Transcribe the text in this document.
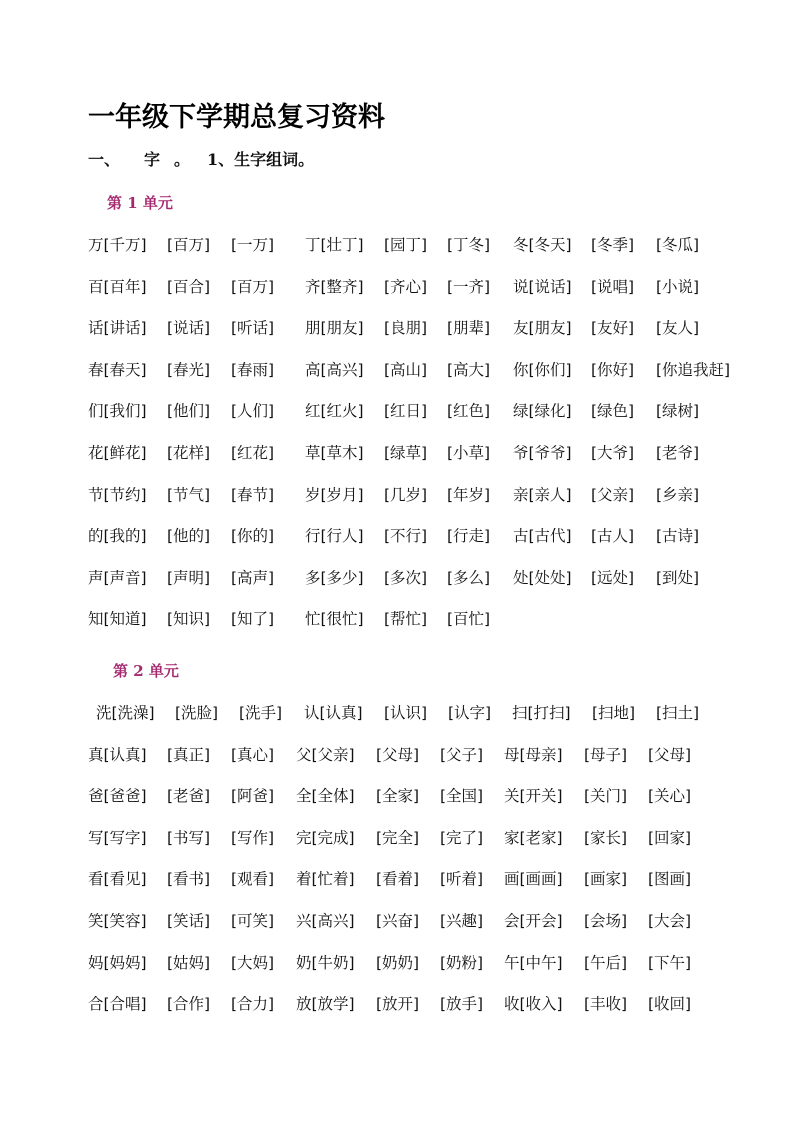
一年级下学期总复习资料
一、 字 。 1、生字组词。
第 1 单元
万[千万] [百万] [一万] 丁[壮丁] [园丁] [丁冬] 冬[冬天] [冬季] [冬瓜]
百[百年] [百合] [百万] 齐[整齐] [齐心] [一齐] 说[说话] [说唱] [小说]
话[讲话] [说话] [听话] 朋[朋友] [良朋] [朋辈] 友[朋友] [友好] [友人]
春[春天] [春光] [春雨] 高[高兴] [高山] [高大] 你[你们] [你好] [你追我赶]
们[我们] [他们] [人们] 红[红火] [红日] [红色] 绿[绿化] [绿色] [绿树]
花[鲜花] [花样] [红花] 草[草木] [绿草] [小草] 爷[爷爷] [大爷] [老爷]
节[节约] [节气] [春节] 岁[岁月] [几岁] [年岁] 亲[亲人] [父亲] [乡亲]
的[我的] [他的] [你的] 行[行人] [不行] [行走] 古[古代] [古人] [古诗]
声[声音] [声明] [高声] 多[多少] [多次] [多么] 处[处处] [远处] [到处]
知[知道] [知识] [知了] 忙[很忙] [帮忙] [百忙]
第 2 单元
洗[洗澡] [洗脸] [洗手] 认[认真] [认识] [认字] 扫[打扫] [扫地] [扫土]
真[认真] [真正] [真心] 父[父亲] [父母] [父子] 母[母亲] [母子] [父母]
爸[爸爸] [老爸] [阿爸] 全[全体] [全家] [全国] 关[开关] [关门] [关心]
写[写字] [书写] [写作] 完[完成] [完全] [完了] 家[老家] [家长] [回家]
看[看见] [看书] [观看] 着[忙着] [看着] [听着] 画[画画] [画家] [图画]
笑[笑容] [笑话] [可笑] 兴[高兴] [兴奋] [兴趣] 会[开会] [会场] [大会]
妈[妈妈] [姑妈] [大妈] 奶[牛奶] [奶奶] [奶粉] 午[中午] [午后] [下午]
合[合唱] [合作] [合力] 放[放学] [放开] [放手] 收[收入] [丰收] [收回]
